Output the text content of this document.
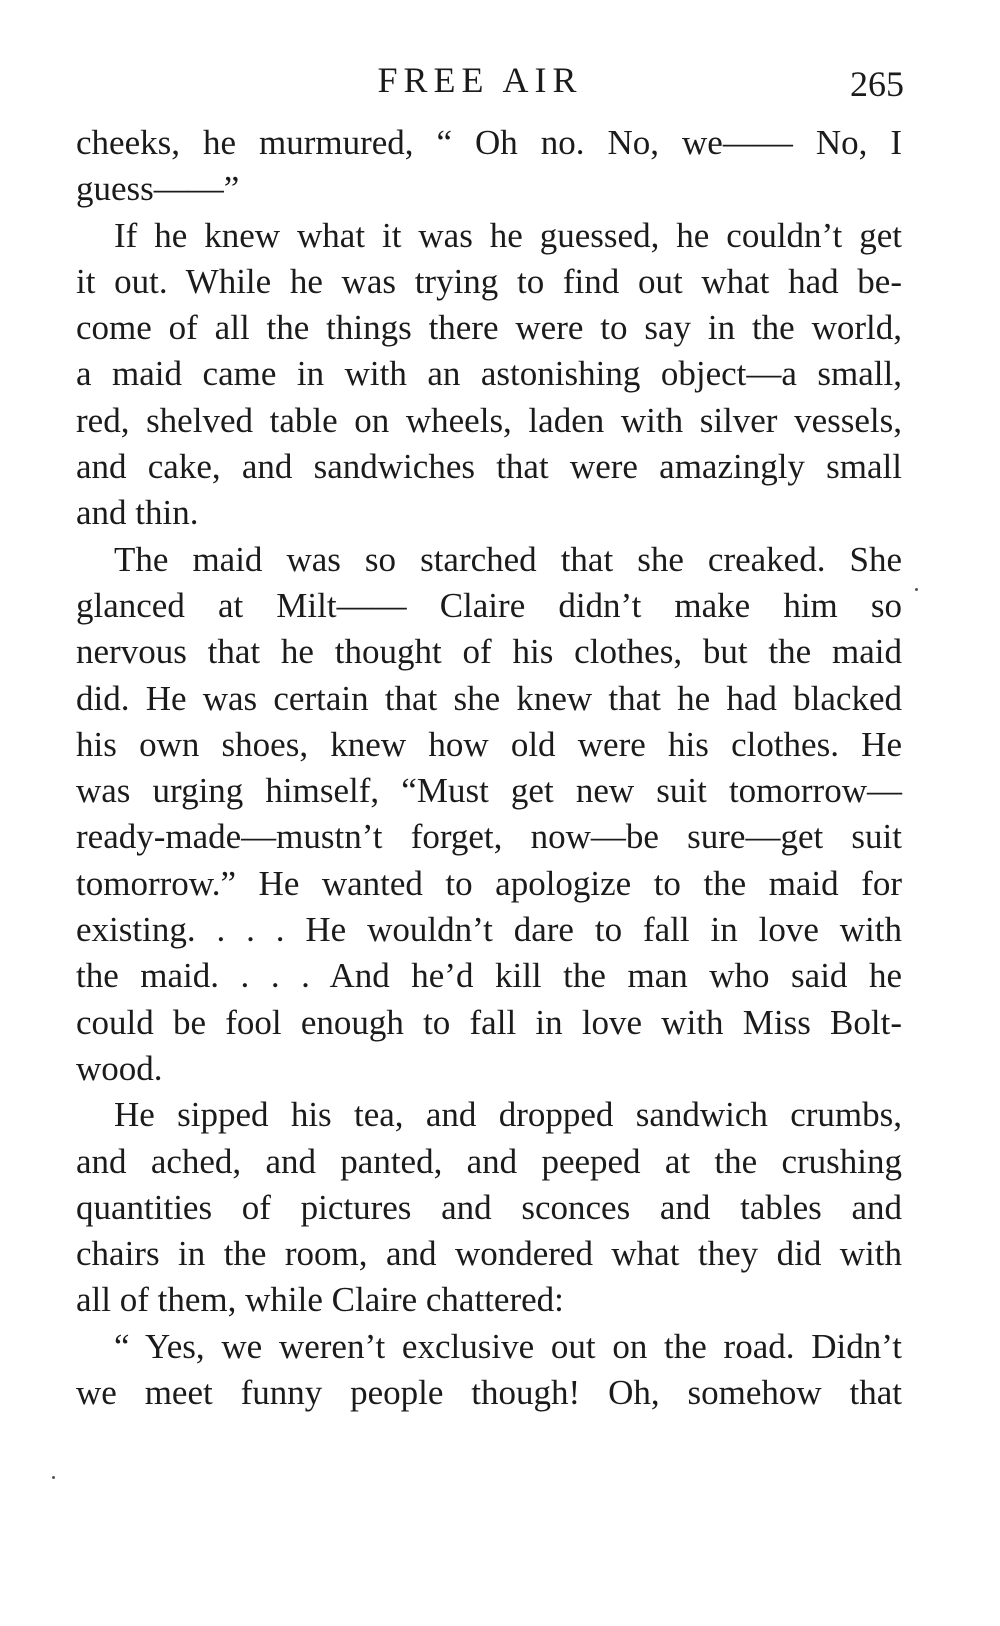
FREE AIR	265
cheeks, he murmured, “ Oh no. No, we—— No, I
guess——”
If he knew what it was he guessed, he couldn’t get
it out. While he was trying to find out what had be-
come of all the things there were to say in the world,
a maid came in with an astonishing object—a small,
red, shelved table on wheels, laden with silver vessels,
and cake, and sandwiches that were amazingly small
and thin.
The maid was so starched that she creaked. She
glanced at Milt—— Claire didn’t make him so
nervous that he thought of his clothes, but the maid
did. He was certain that she knew that he had blacked
his own shoes, knew how old were his clothes. He
was urging himself, “Must get new suit tomorrow—
ready-made—mustn’t forget, now—be sure—get suit
tomorrow.” He wanted to apologize to the maid for
existing. . . . He wouldn’t dare to fall in love with
the maid. . . . And he’d kill the man who said he
could be fool enough to fall in love with Miss Bolt-
wood.
He sipped his tea, and dropped sandwich crumbs,
and ached, and panted, and peeped at the crushing
quantities of pictures and sconces and tables and
chairs in the room, and wondered what they did with
all of them, while Claire chattered:
“ Yes, we weren’t exclusive out on the road. Didn’t
we meet funny people though! Oh, somehow that
